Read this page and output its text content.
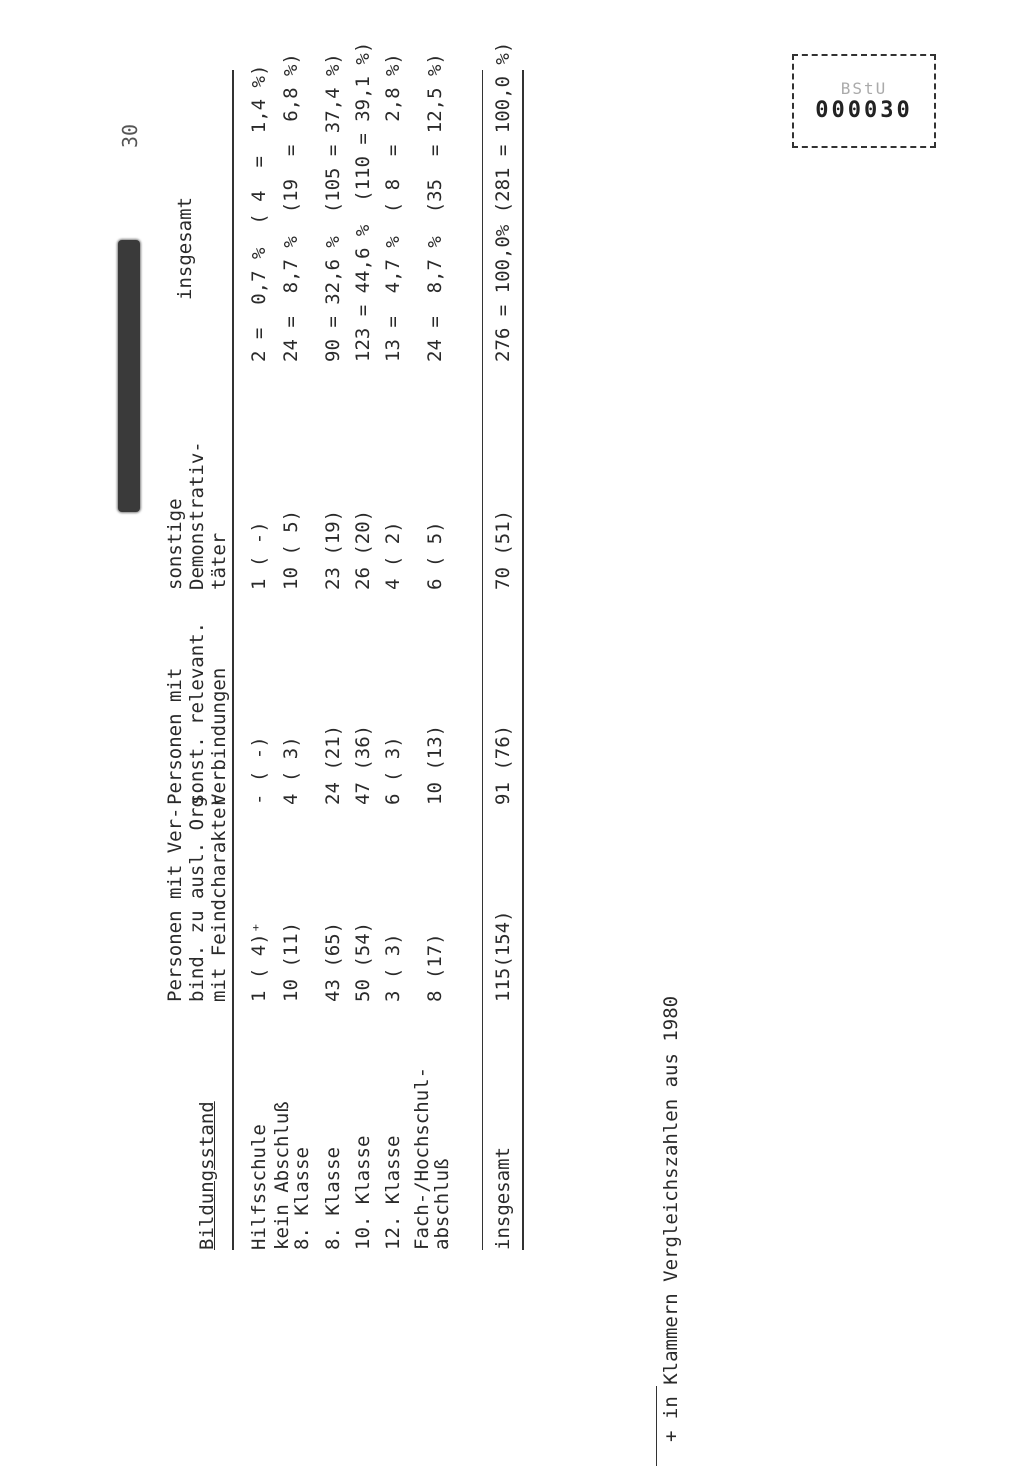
30
BStU
000030
Bildungsstand
Personen mit Ver-
bind. zu ausl. Org.
mit Feindcharakter
Personen mit
sonst. relevant.
Verbindungen
sonstige
Demonstrativ-
täter
insgesamt
Hilfsschule
1 ( 4)⁺
- ( -)
1 ( -)
2 =  0,7 %  ( 4  =  1,4 %)
kein Abschluß
8. Klasse
10 (11)
4 ( 3)
10 ( 5)
24 =  8,7 %  (19  =  6,8 %)
8. Klasse
43 (65)
24 (21)
23 (19)
90 = 32,6 %  (105 = 37,4 %)
10. Klasse
50 (54)
47 (36)
26 (20)
123 = 44,6 %  (110 = 39,1 %)
12. Klasse
3 ( 3)
6 ( 3)
4 ( 2)
13 =  4,7 %  ( 8  =  2,8 %)
Fach-/Hochschul-
abschluß
8 (17)
10 (13)
6 ( 5)
24 =  8,7 %  (35  = 12,5 %)
insgesamt
115(154)
91 (76)
70 (51)
276 = 100,0% (281 = 100,0 %)
+ in Klammern Vergleichszahlen aus 1980
